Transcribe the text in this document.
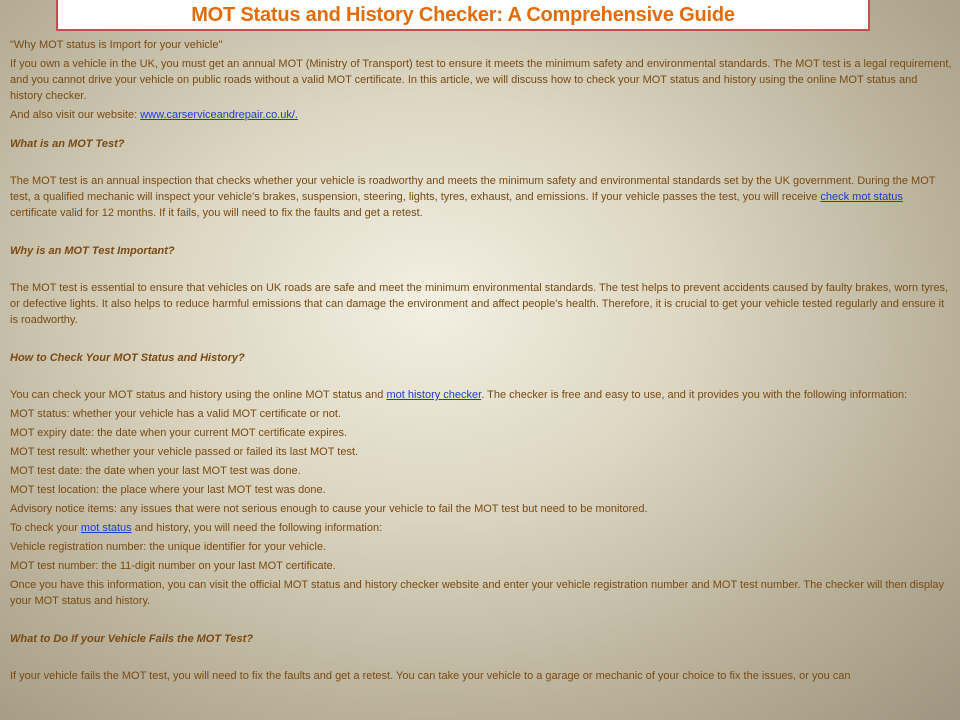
MOT Status and History Checker: A Comprehensive Guide

"Why MOT status is Import for your vehicle"

If you own a vehicle in the UK, you must get an annual MOT (Ministry of Transport) test to ensure it meets the minimum safety and environmental standards. The MOT test is a legal requirement, and you cannot drive your vehicle on public roads without a valid MOT certificate. In this article, we will discuss how to check your MOT status and history using the online MOT status and history checker.

And also visit our website: www.carserviceandrepair.co.uk/.

What is an MOT Test?

The MOT test is an annual inspection that checks whether your vehicle is roadworthy and meets the minimum safety and environmental standards set by the UK government. During the MOT test, a qualified mechanic will inspect your vehicle's brakes, suspension, steering, lights, tyres, exhaust, and emissions. If your vehicle passes the test, you will receive check mot status certificate valid for 12 months. If it fails, you will need to fix the faults and get a retest.

Why is an MOT Test Important?

The MOT test is essential to ensure that vehicles on UK roads are safe and meet the minimum environmental standards. The test helps to prevent accidents caused by faulty brakes, worn tyres, or defective lights. It also helps to reduce harmful emissions that can damage the environment and affect people's health. Therefore, it is crucial to get your vehicle tested regularly and ensure it is roadworthy.

How to Check Your MOT Status and History?

You can check your MOT status and history using the online MOT status and mot history checker. The checker is free and easy to use, and it provides you with the following information:

MOT status: whether your vehicle has a valid MOT certificate or not.

MOT expiry date: the date when your current MOT certificate expires.

MOT test result: whether your vehicle passed or failed its last MOT test.

MOT test date: the date when your last MOT test was done.

MOT test location: the place where your last MOT test was done.

Advisory notice items: any issues that were not serious enough to cause your vehicle to fail the MOT test but need to be monitored.

To check your mot status and history, you will need the following information:

Vehicle registration number: the unique identifier for your vehicle.

MOT test number: the 11-digit number on your last MOT certificate.

Once you have this information, you can visit the official MOT status and history checker website and enter your vehicle registration number and MOT test number. The checker will then display your MOT status and history.

What to Do If your Vehicle Fails the MOT Test?

If your vehicle fails the MOT test, you will need to fix the faults and get a retest. You can take your vehicle to a garage or mechanic of your choice to fix the issues, or you can
